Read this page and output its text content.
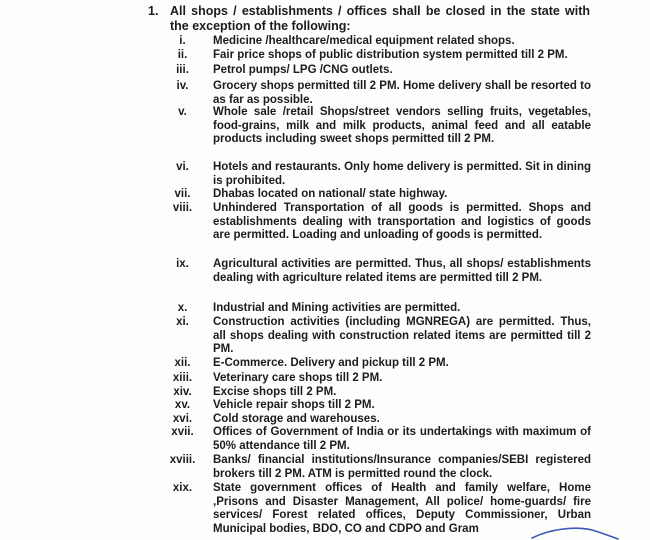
1. All shops / establishments / offices shall be closed in the state with the exception of the following:
i.	Medicine /healthcare/medical equipment related shops.
ii.	Fair price shops of public distribution system permitted till 2 PM.
iii.	Petrol pumps/ LPG /CNG outlets.
iv.	Grocery shops permitted till 2 PM. Home delivery shall be resorted to as far as possible.
v.	Whole sale /retail Shops/street vendors selling fruits, vegetables, food-grains, milk and milk products, animal feed and all eatable products including sweet shops permitted till 2 PM.
vi.	Hotels and restaurants. Only home delivery is permitted. Sit in dining is prohibited.
vii.	Dhabas located on national/ state highway.
viii.	Unhindered Transportation of all goods is permitted. Shops and establishments dealing with transportation and logistics of goods are permitted. Loading and unloading of goods is permitted.
ix.	Agricultural activities are permitted. Thus, all shops/ establishments dealing with agriculture related items are permitted till 2 PM.
x.	Industrial and Mining activities are permitted.
xi.	Construction activities (including MGNREGA) are permitted. Thus, all shops dealing with construction related items are permitted till 2 PM.
xii.	E-Commerce. Delivery and pickup till 2 PM.
xiii.	Veterinary care shops till 2 PM.
xiv.	Excise shops till 2 PM.
xv.	Vehicle repair shops till 2 PM.
xvi.	Cold storage and warehouses.
xvii.	Offices of Government of India or its undertakings with maximum of 50% attendance till 2 PM.
xviii.	Banks/ financial institutions/Insurance companies/SEBI registered brokers till 2 PM. ATM is permitted round the clock.
xix.	State government offices of Health and family welfare, Home ,Prisons and Disaster Management, All police/ home-guards/ fire services/ Forest related offices, Deputy Commissioner, Urban Municipal bodies, BDO, CO and CDPO and Gram
